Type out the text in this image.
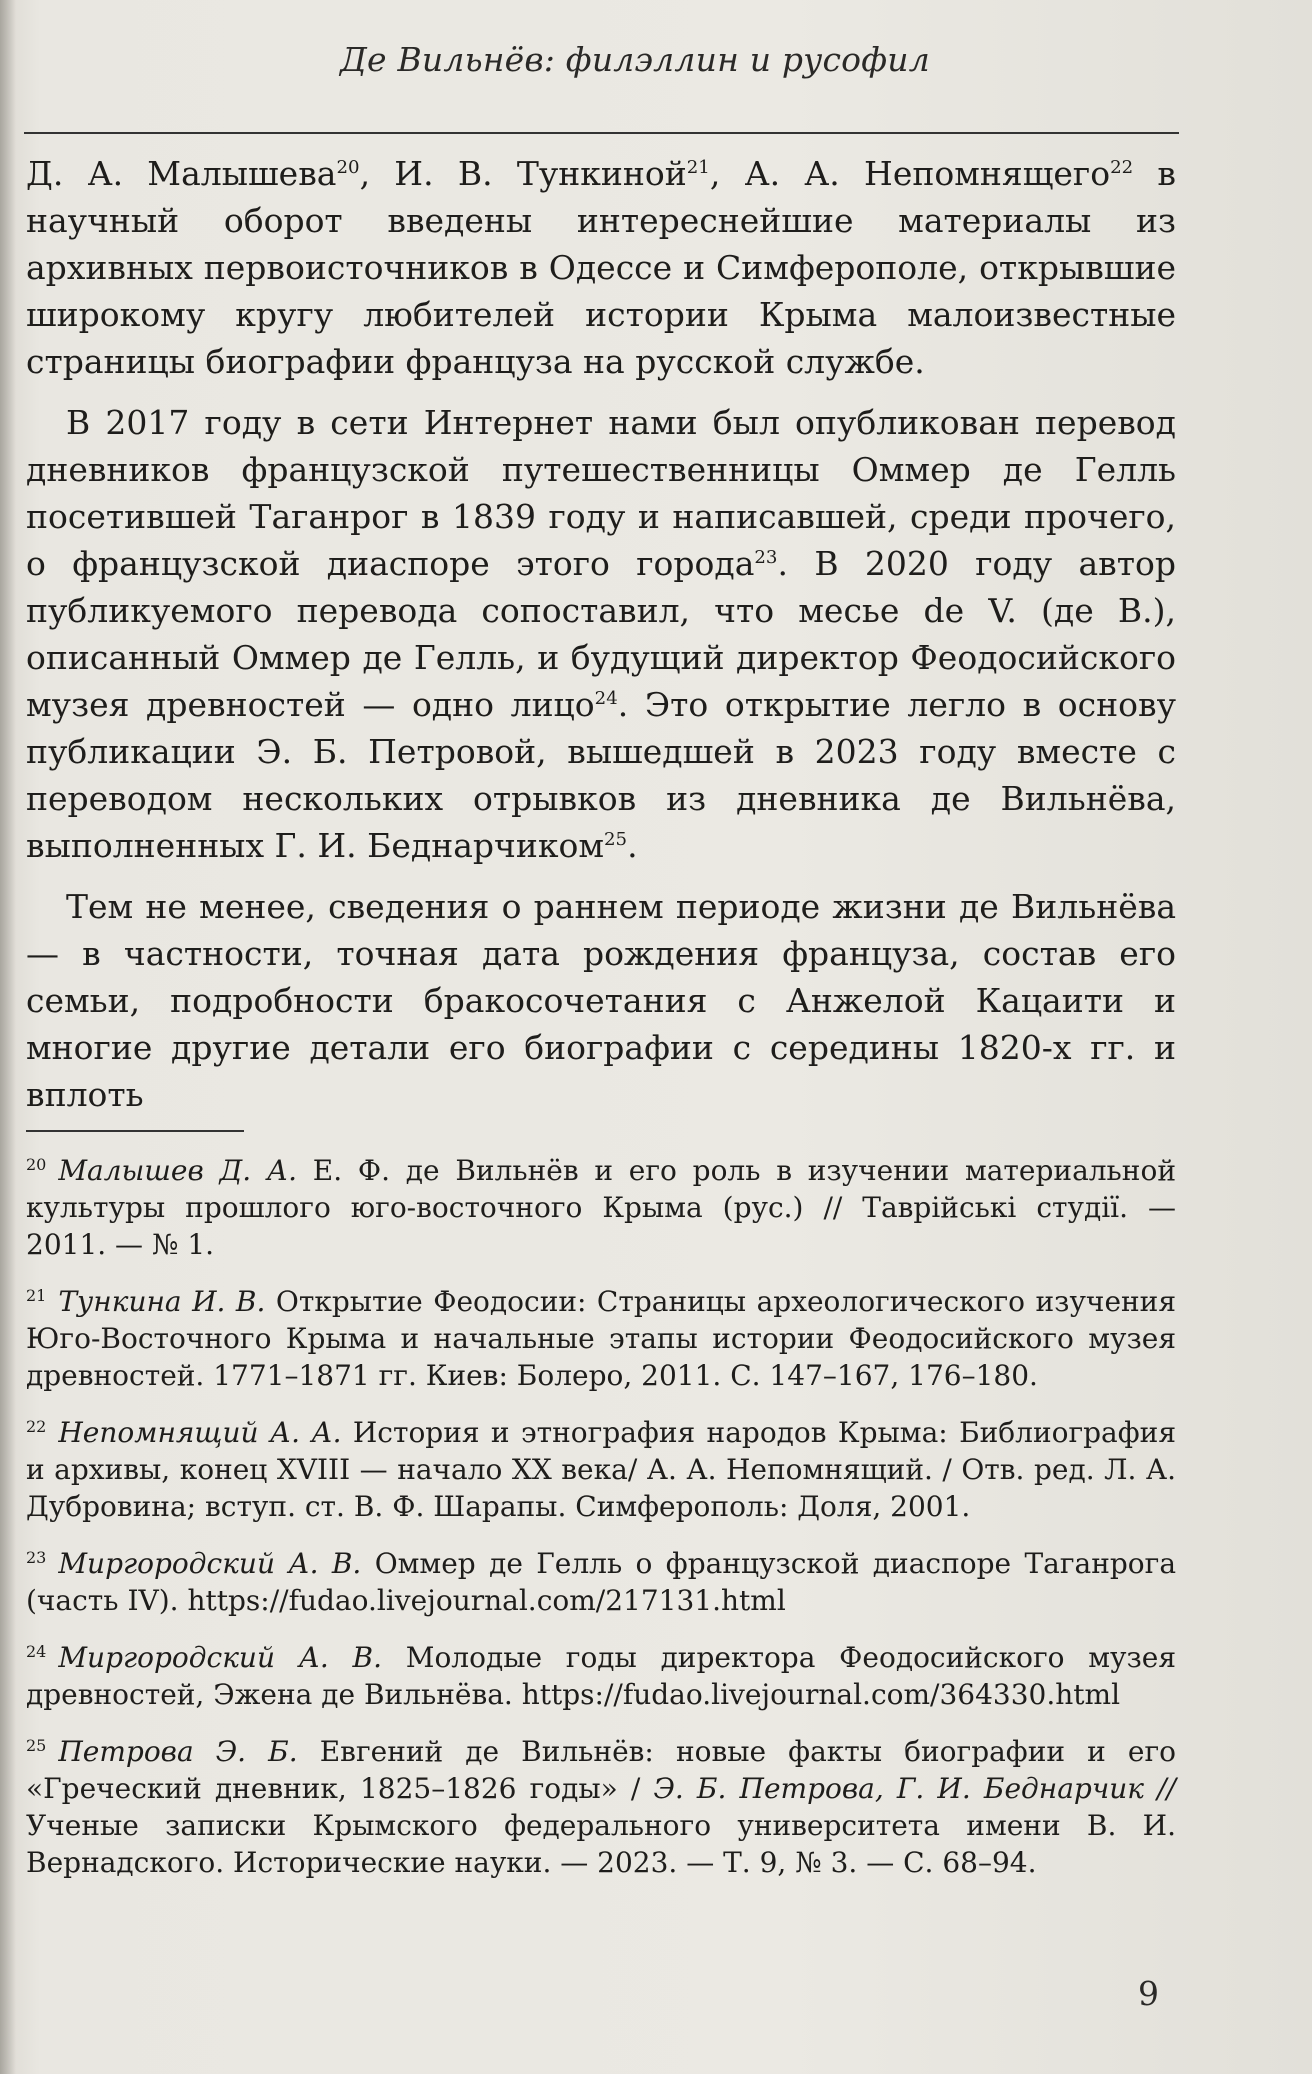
Де Вильнёв: филэллин и русофил

Д. А. Малышева$^{20}$, И. В. Тункиной$^{21}$, А. А. Непомнящего$^{22}$ в научный оборот введены интереснейшие материалы из архивных первоисточников в Одессе и Симферополе, открывшие широкому кругу любителей истории Крыма малоизвестные страницы биографии француза на русской службе.

В 2017 году в сети Интернет нами был опубликован перевод дневников французской путешественницы Оммер де Гелль посетившей Таганрог в 1839 году и написавшей, среди прочего, о французской диаспоре этого города$^{23}$. В 2020 году автор публикуемого перевода сопоставил, что месье de V. (де В.), описанный Оммер де Гелль, и будущий директор Феодосийского музея древностей — одно лицо$^{24}$. Это открытие легло в основу публикации Э. Б. Петровой, вышедшей в 2023 году вместе с переводом нескольких отрывков из дневника де Вильнёва, выполненных Г. И. Беднарчиком$^{25}$.

Тем не менее, сведения о раннем периоде жизни де Вильнёва — в частности, точная дата рождения француза, состав его семьи, подробности бракосочетания с Анжелой Кацаити и многие другие детали его биографии с середины 1820-х гг. и вплоть

$^{20}$ Малышев Д. А. Е. Ф. де Вильнёв и его роль в изучении материальной культуры прошлого юго-восточного Крыма (рус.) // Таврійські студії. — 2011. — № 1.
$^{21}$ Тункина И. В. Открытие Феодосии: Страницы археологического изучения Юго-Восточного Крыма и начальные этапы истории Феодосийского музея древностей. 1771–1871 гг. Киев: Болеро, 2011. С. 147–167, 176–180.
$^{22}$ Непомнящий А. А. История и этнография народов Крыма: Библиография и архивы, конец XVIII — начало XX века/ А. А. Непомнящий. / Отв. ред. Л. А. Дубровина; вступ. ст. В. Ф. Шарапы. Симферополь: Доля, 2001.
$^{23}$ Миргородский А. В. Оммер де Гелль о французской диаспоре Таганрога (часть IV). https://fudao.livejournal.com/217131.html
$^{24}$ Миргородский А. В. Молодые годы директора Феодосийского музея древностей, Эжена де Вильнёва. https://fudao.livejournal.com/364330.html
$^{25}$ Петрова Э. Б. Евгений де Вильнёв: новые факты биографии и его «Греческий дневник, 1825–1826 годы» / Э. Б. Петрова, Г. И. Беднарчик // Ученые записки Крымского федерального университета имени В. И. Вернадского. Исторические науки. — 2023. — Т. 9, № 3. — С. 68–94.
9
